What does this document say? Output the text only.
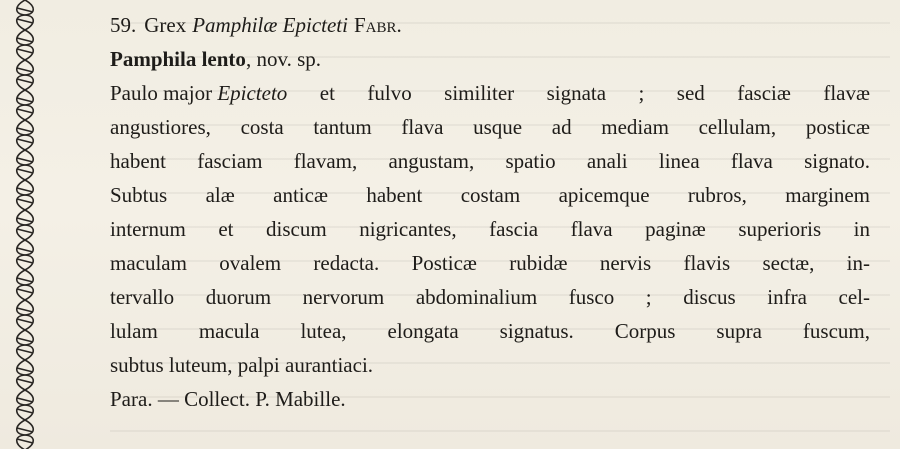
59. Grex Pamphilæ Epicteti Fabr.
Pamphila lento , nov. sp.
Paulo major Epicteto et fulvo similiter signata ; sed fasciæ flavæ
angustiores, costa tantum flava usque ad mediam cellulam, posticæ
habent fasciam flavam, angustam, spatio anali linea flava signato.
Subtus alæ anticæ habent costam apicemque rubros, marginem
internum et discum nigricantes, fascia flava paginæ superioris in
maculam ovalem redacta. Posticæ rubidæ nervis flavis sectæ, in-
tervallo duorum nervorum abdominalium fusco ; discus infra cel-
lulam macula lutea, elongata signatus. Corpus supra fuscum,
subtus luteum, palpi aurantiaci.
Para. — Collect. P. Mabille.
